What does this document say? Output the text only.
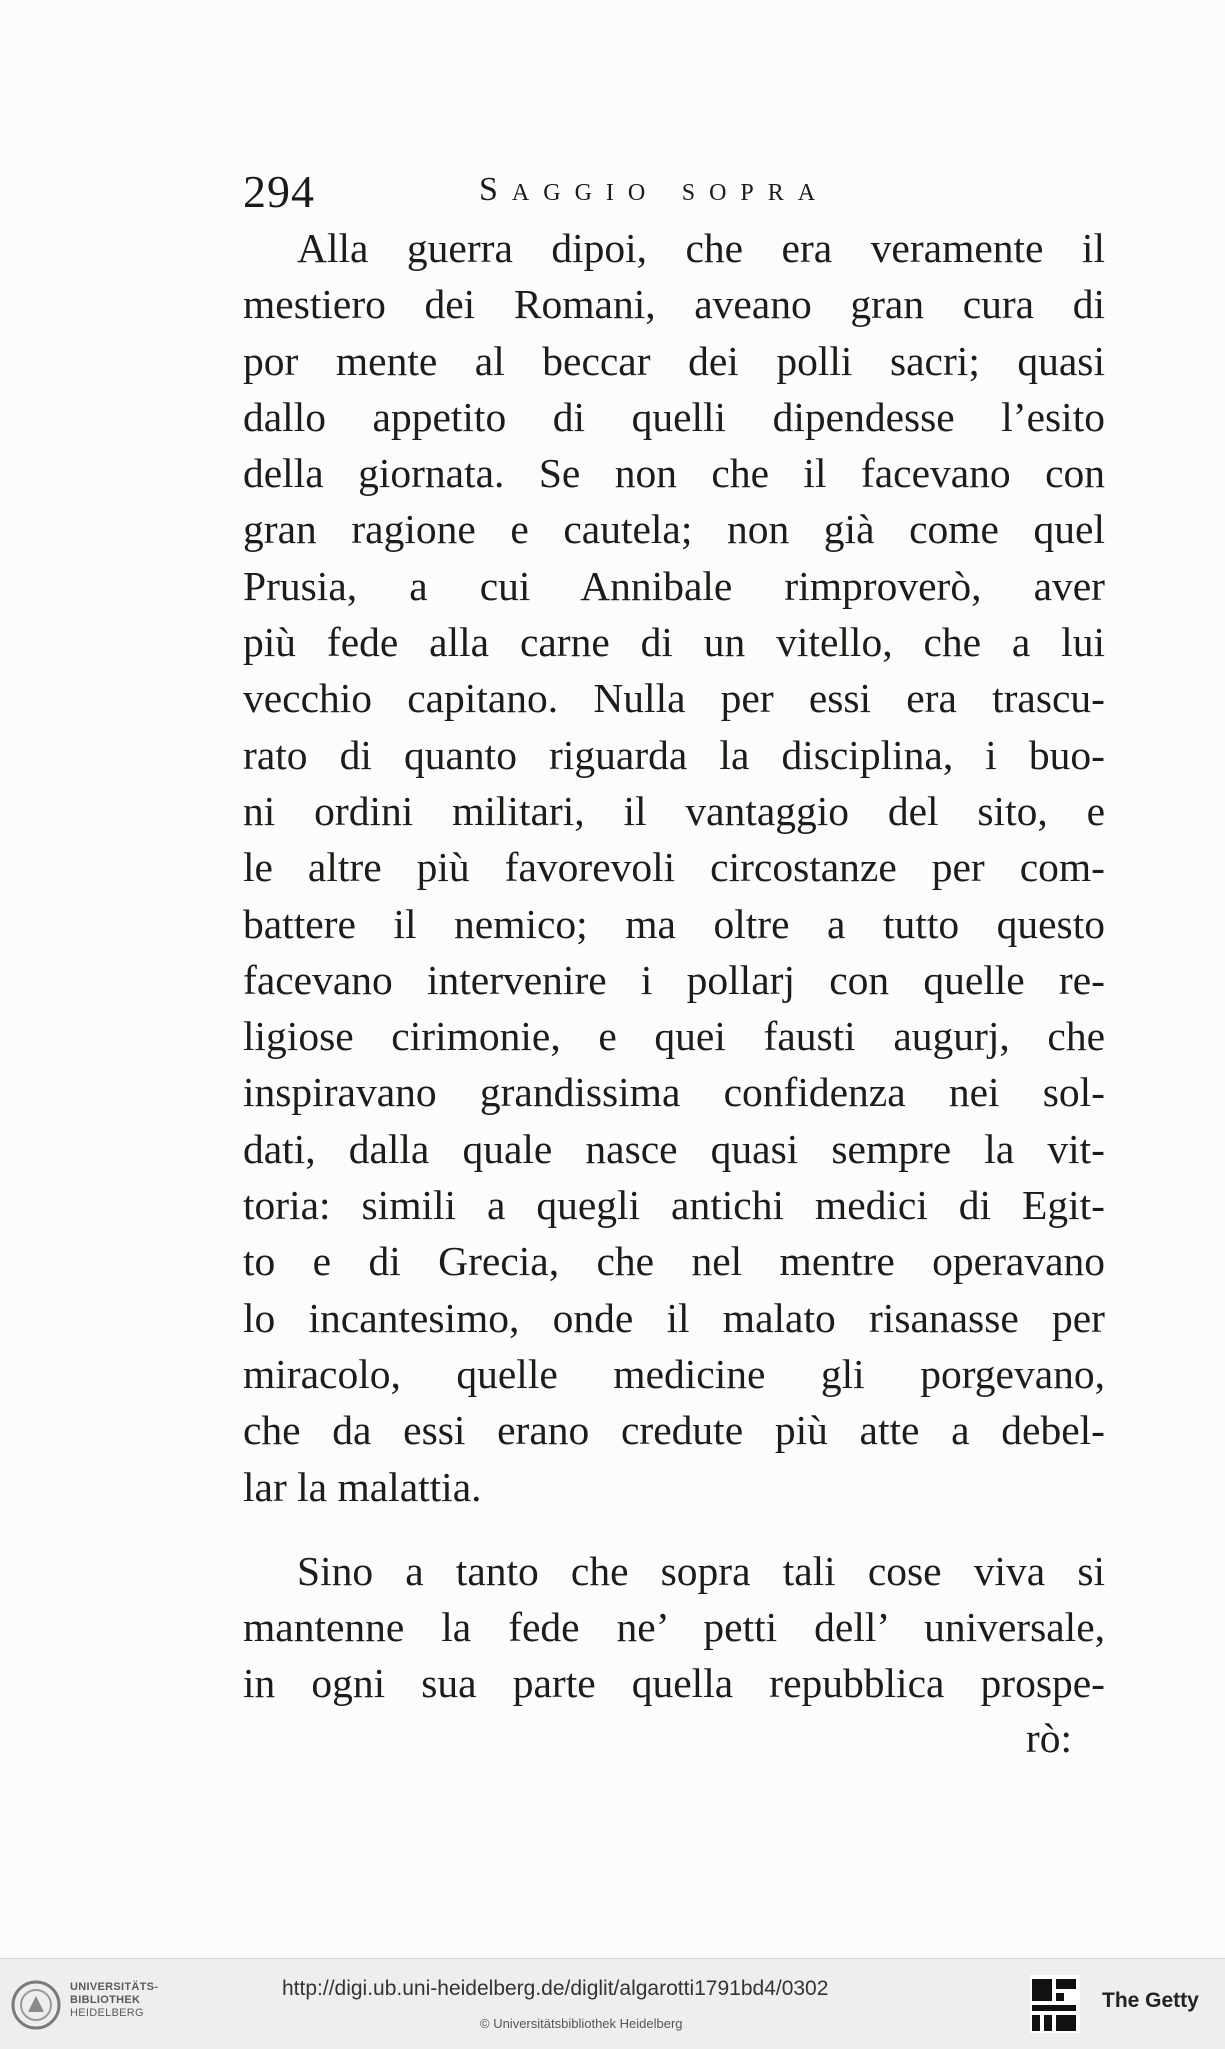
294	Saggio sopra
Alla guerra dipoi, che era veramente il
mestiero dei Romani, aveano gran cura di
por mente al beccar dei polli sacri; quasi
dallo appetito di quelli dipendesse l’esito
della giornata. Se non che il facevano con
gran ragione e cautela; non già come quel
Prusia, a cui Annibale rimproverò, aver
più fede alla carne di un vitello, che a lui
vecchio capitano. Nulla per essi era trascu-
rato di quanto riguarda la disciplina, i buo-
ni ordini militari, il vantaggio del sito, e
le altre più favorevoli circostanze per com-
battere il nemico; ma oltre a tutto questo
facevano intervenire i pollarj con quelle re-
ligiose cirimonie, e quei fausti augurj, che
inspiravano grandissima confidenza nei sol-
dati, dalla quale nasce quasi sempre la vit-
toria: simili a quegli antichi medici di Egit-
to e di Grecia, che nel mentre operavano
lo incantesimo, onde il malato risanasse per
miracolo, quelle medicine gli porgevano,
che da essi erano credute più atte a debel-
lar la malattia.
Sino a tanto che sopra tali cose viva si
mantenne la fede ne’ petti dell’ universale,
in ogni sua parte quella repubblica prospe-
rò:
UNIVERSITÄTS-
BIBLIOTHEK
HEIDELBERG
http://digi.ub.uni-heidelberg.de/diglit/algarotti1791bd4/0302
© Universitätsbibliothek Heidelberg
The Getty
